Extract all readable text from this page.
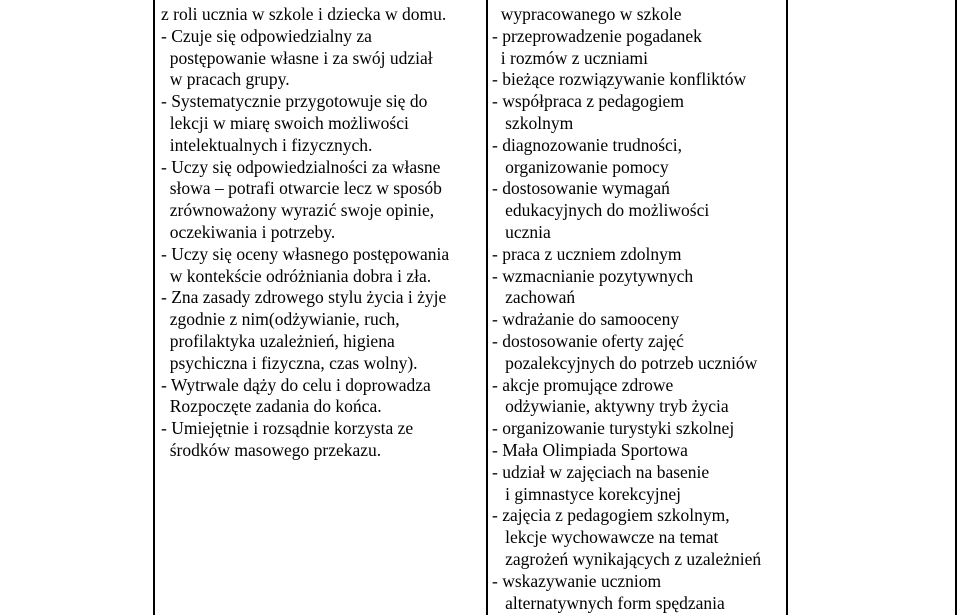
z roli ucznia w szkole i dziecka w domu.
- Czuje się odpowiedzialny za
postępowanie własne i za swój udział
w pracach grupy.
- Systematycznie przygotowuje się do
lekcji w miarę swoich możliwości
intelektualnych i fizycznych.
- Uczy się odpowiedzialności za własne
słowa – potrafi otwarcie lecz w sposób
zrównoważony wyrazić swoje opinie,
oczekiwania i potrzeby.
- Uczy się oceny własnego postępowania
w kontekście odróżniania dobra i zła.
- Zna zasady zdrowego stylu życia i żyje
zgodnie z nim(odżywianie, ruch,
profilaktyka uzależnień, higiena
psychiczna i fizyczna, czas wolny).
- Wytrwale dąży do celu i doprowadza
Rozpoczęte zadania do końca.
- Umiejętnie i rozsądnie korzysta ze
środków masowego przekazu.
wypracowanego w szkole
- przeprowadzenie pogadanek
i rozmów z uczniami
- bieżące rozwiązywanie konfliktów
- współpraca z pedagogiem
szkolnym
- diagnozowanie trudności,
organizowanie pomocy
- dostosowanie wymagań
edukacyjnych do możliwości
ucznia
- praca z uczniem zdolnym
- wzmacnianie pozytywnych
zachowań
- wdrażanie do samooceny
- dostosowanie oferty zajęć
pozalekcyjnych do potrzeb uczniów
- akcje promujące zdrowe
odżywianie, aktywny tryb życia
- organizowanie turystyki szkolnej
- Mała Olimpiada Sportowa
- udział w zajęciach na basenie
i gimnastyce korekcyjnej
- zajęcia z pedagogiem szkolnym,
lekcje wychowawcze na temat
zagrożeń wynikających z uzależnień
- wskazywanie uczniom
alternatywnych form spędzania
